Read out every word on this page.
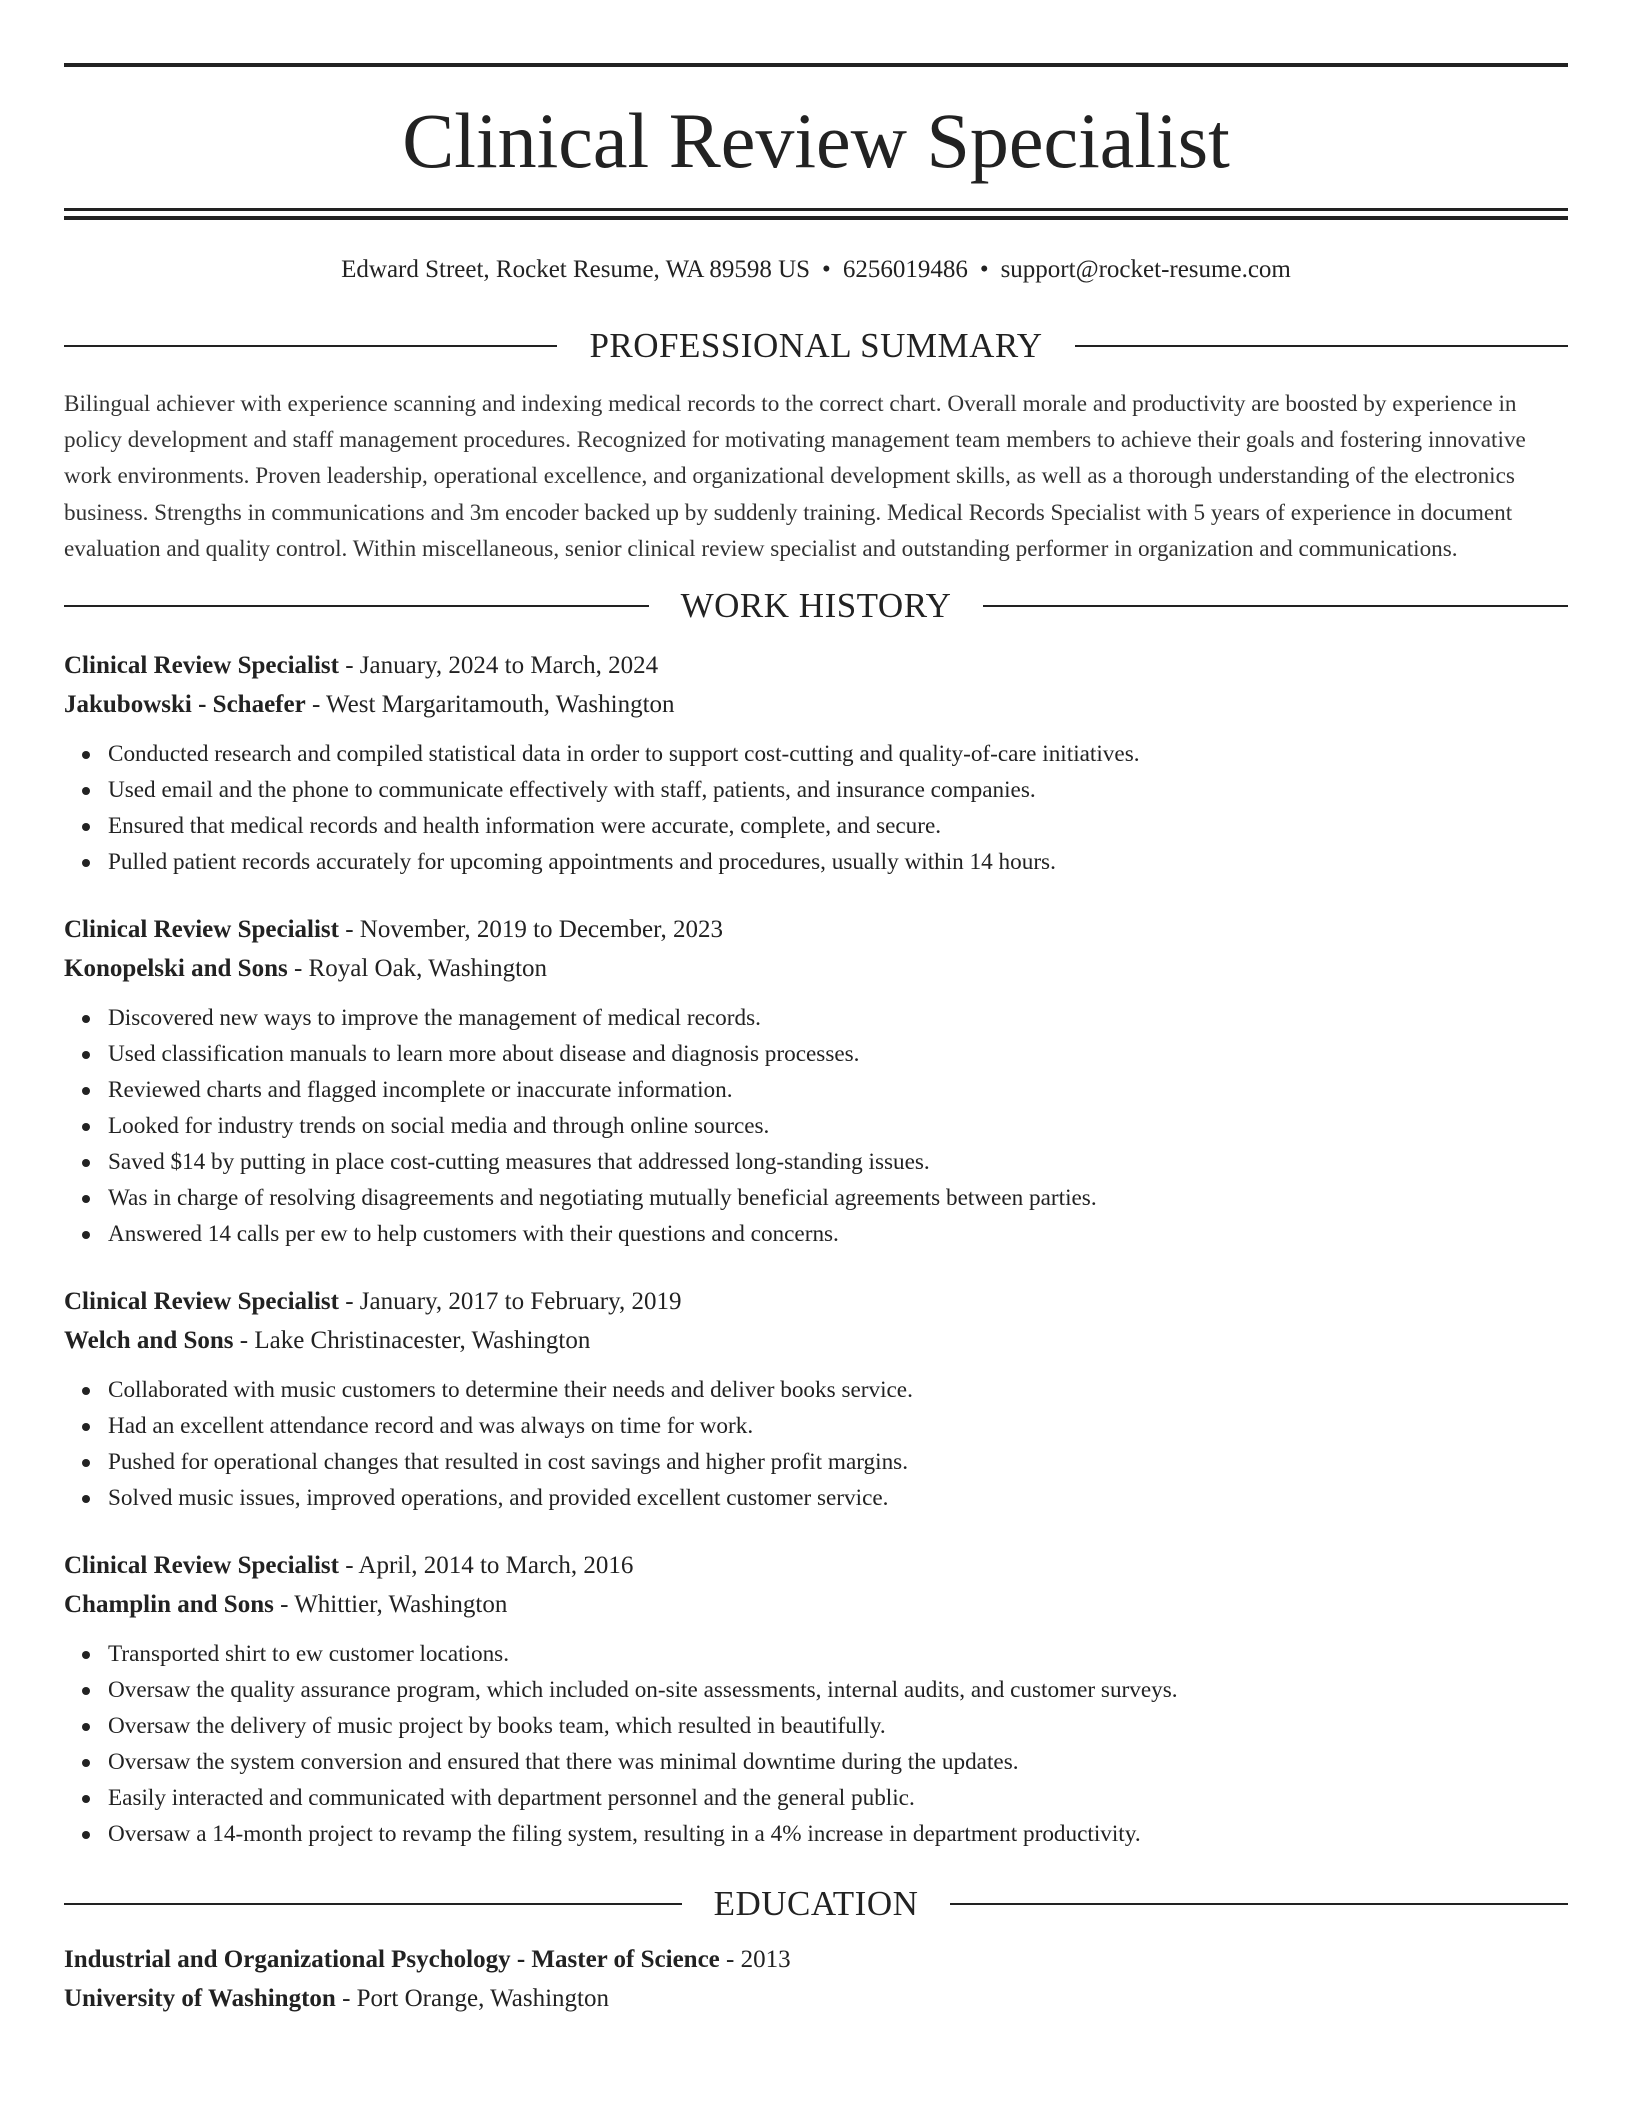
Clinical Review Specialist
Edward Street, Rocket Resume, WA 89598 US • 6256019486 • support@rocket-resume.com
PROFESSIONAL SUMMARY
Bilingual achiever with experience scanning and indexing medical records to the correct chart. Overall morale and productivity are boosted by experience in policy development and staff management procedures. Recognized for motivating management team members to achieve their goals and fostering innovative work environments. Proven leadership, operational excellence, and organizational development skills, as well as a thorough understanding of the electronics business. Strengths in communications and 3m encoder backed up by suddenly training. Medical Records Specialist with 5 years of experience in document evaluation and quality control. Within miscellaneous, senior clinical review specialist and outstanding performer in organization and communications.
WORK HISTORY
Clinical Review Specialist - January, 2024 to March, 2024
Jakubowski - Schaefer - West Margaritamouth, Washington
Conducted research and compiled statistical data in order to support cost-cutting and quality-of-care initiatives.
Used email and the phone to communicate effectively with staff, patients, and insurance companies.
Ensured that medical records and health information were accurate, complete, and secure.
Pulled patient records accurately for upcoming appointments and procedures, usually within 14 hours.
Clinical Review Specialist - November, 2019 to December, 2023
Konopelski and Sons - Royal Oak, Washington
Discovered new ways to improve the management of medical records.
Used classification manuals to learn more about disease and diagnosis processes.
Reviewed charts and flagged incomplete or inaccurate information.
Looked for industry trends on social media and through online sources.
Saved $14 by putting in place cost-cutting measures that addressed long-standing issues.
Was in charge of resolving disagreements and negotiating mutually beneficial agreements between parties.
Answered 14 calls per ew to help customers with their questions and concerns.
Clinical Review Specialist - January, 2017 to February, 2019
Welch and Sons - Lake Christinacester, Washington
Collaborated with music customers to determine their needs and deliver books service.
Had an excellent attendance record and was always on time for work.
Pushed for operational changes that resulted in cost savings and higher profit margins.
Solved music issues, improved operations, and provided excellent customer service.
Clinical Review Specialist - April, 2014 to March, 2016
Champlin and Sons - Whittier, Washington
Transported shirt to ew customer locations.
Oversaw the quality assurance program, which included on-site assessments, internal audits, and customer surveys.
Oversaw the delivery of music project by books team, which resulted in beautifully.
Oversaw the system conversion and ensured that there was minimal downtime during the updates.
Easily interacted and communicated with department personnel and the general public.
Oversaw a 14-month project to revamp the filing system, resulting in a 4% increase in department productivity.
EDUCATION
Industrial and Organizational Psychology - Master of Science - 2013
University of Washington - Port Orange, Washington
